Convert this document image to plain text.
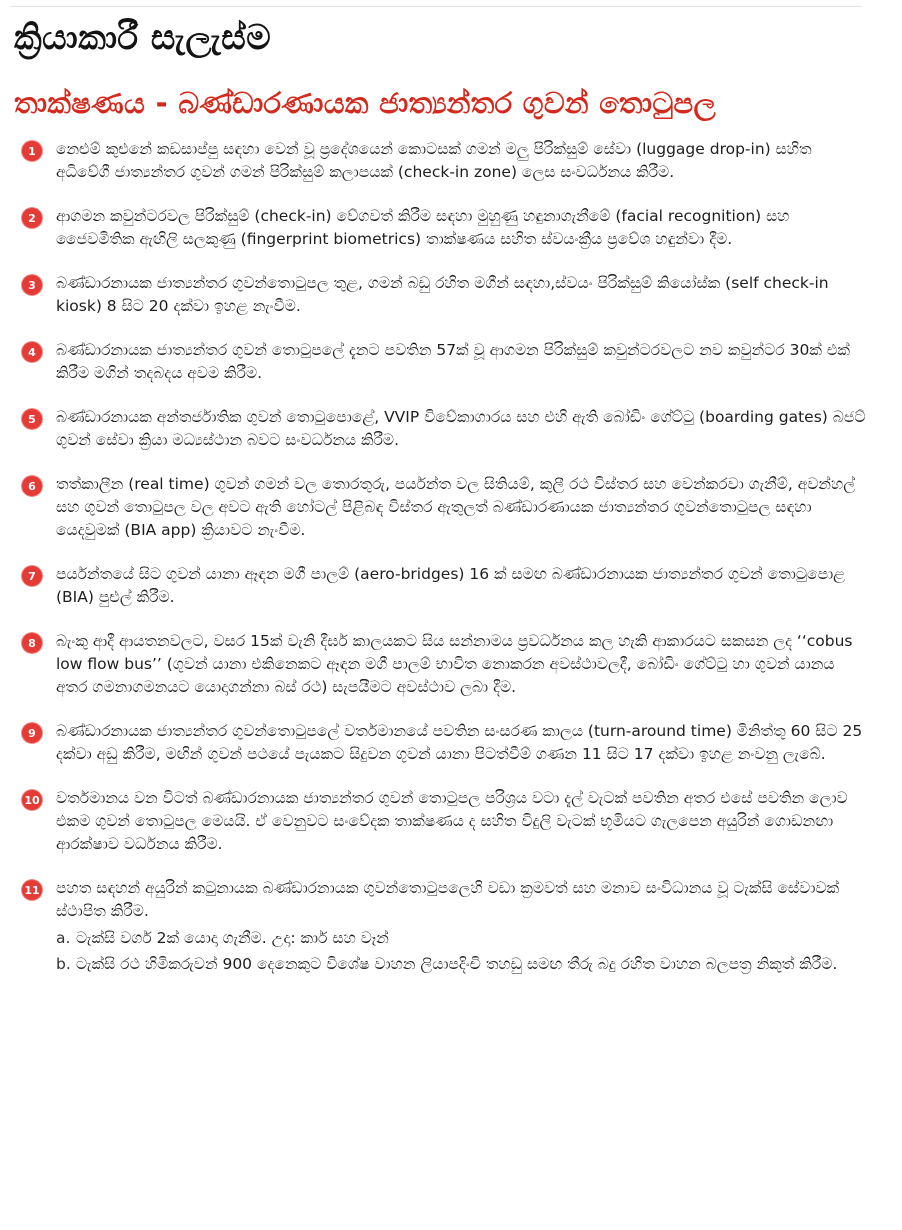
ක්‍රියාකාරී සැලැස්ම
තාක්ෂණය - බණ්ඩාරණායක ජාත්‍යන්තර ගුවන් තොටුපල
1	නෙළුම් කුළුනේ කඩසාප්පු සඳහා වෙන් වූ ප්‍රදේශයෙන් කොටසක් ගමන් මලු පිරික්සුම් සේවා (luggage drop-in) සහිත අධිවේගී ජාත්‍යන්තර ගුවන් ගමන් පිරික්සුම් කලාපයක් (check-in zone) ලෙස සංවර්ධනය කිරීම.
2	ආගමන කවුන්ටරවල පිරික්සුම් (check-in) වේගවත් කිරීම සඳහා මුහුණු හඳුනාගැනීමේ (facial recognition) සහ ජෛවමිතික ඇඟිලි සලකුණු (fingerprint biometrics) තාක්ෂණය සහිත ස්වයංක්‍රීය ප්‍රවේශ හඳුන්වා දීම.
3	බණ්ඩාරනායක ජාත්‍යන්තර ගුවන්තොටුපල තුළ, ගමන් බඩු රහිත මගීන් සඳහා,ස්වයං පිරික්සුම් කියෝස්ක (self check-in kiosk) 8 සිට 20 දක්වා ඉහළ නැංවීම.
4	බණ්ඩාරනායක ජාත්‍යන්තර ගුවන් තොටුපලේ දැනට පවතින 57ක් වූ ආගමන පිරික්සුම් කවුන්ටරවලට නව කවුන්ටර 30ක් එක් කිරීම මගින් තදබදය අවම කිරීම.
5	බණ්ඩාරනායක අන්තර්ජාතික ගුවන් තොටුපොළේ, VVIP විවේකාගාරය සහ එහි ඇති බෝඩිං ගේට්ටු (boarding gates) බජට් ගුවන් සේවා ක්‍රියා මධ්‍යස්ථාන බවට සංවර්ධනය කිරීම.
6	තත්කාලීන (real time) ගුවන් ගමන් වල තොරතුරු, පර්යන්ත වල සිතියම්, කුලී රථ විස්තර සහ වෙන්කරවා ගැනීම්, අවන්හල් සහ ගුවන් තොටුපල වල අවට ඇති හෝටල් පිළිබඳ විස්තර ඇතුලත් බණ්ඩාරණායක ජාත්‍යන්තර ගුවන්තොටුපල සඳහා යෙදවුමක් (BIA app) ක්‍රියාවට නැංවීම.
7	පර්යන්තයේ සිට ගුවන් යානා ඈඳන මගී පාලම් (aero-bridges) 16 ක් සමඟ බණ්ඩාරනායක ජාත්‍යන්තර ගුවන් තොටුපොළ (BIA) පුළුල් කිරීම.
8	බැංකු ආදී ආයතනවලට, වසර 15ක් වැනි දීර්ඝ කාලයකට සිය සන්නාමය ප්‍රවර්ධනය කල හැකි ආකාරයට සකසන ලද ‘‘cobus low flow bus’’ (ගුවන් යානා එකිනෙකට ඈඳන මගී පාලම් භාවිත නොකරන අවස්ථාවලදී, බෝඩිං ගේට්ටු හා ගුවන් යානය අතර ගමනාගමනයට යොදාගන්නා බස් රථ) සැපයීමට අවස්ථාව ලබා දීම.
9	බණ්ඩාරනායක ජාත්‍යන්තර ගුවන්තොටුපලේ වර්තමානයේ පවතින සංසරණ කාලය (turn-around time) මිනිත්තු 60 සිට 25 දක්වා අඩු කිරීම, මඟින් ගුවන් පථයේ පැයකට සිදුවන ගුවන් යානා පිටත්වීම් ගණන 11 සිට 17 දක්වා ඉහළ නංවනු ලැබේ.
10 වර්තමානය වන විටත් බණ්ඩාරනායක ජාත්‍යන්තර ගුවන් තොටුපල පරිශ්‍රය වටා දැල් වැටක් පවතින අතර එසේ පවතින ලොව එකම ගුවන් තොටුපල මෙයයි. ඒ වෙනුවට සංවේදක තාක්ෂණය ද සහිත විදුලි වැටක් භූමියට ගැලපෙන අයුරින් ගොඩනඟා ආරක්ෂාව වර්ධනය කිරීම.
11 පහත සඳහන් අයුරින් කටුනායක බණ්ඩාරනායක ගුවන්තොටුපලෙහි වඩා ක්‍රමවත් සහ මනාව සංවිධානය වූ ටැක්සි සේවාවක් ස්ථාපිත කිරීම.
a. ටැක්සි වර්ග 2ක් යොදා ගැනීම. උදා: කාර් සහ වෑන්
b. ටැක්සි රථ හිමිකරුවන් 900 දෙනෙකුට විශේෂ වාහන ලියාපදිංචි තහඩු සමඟ තීරු බදු රහිත වාහන බලපත්‍ර නිකුත් කිරීම.
